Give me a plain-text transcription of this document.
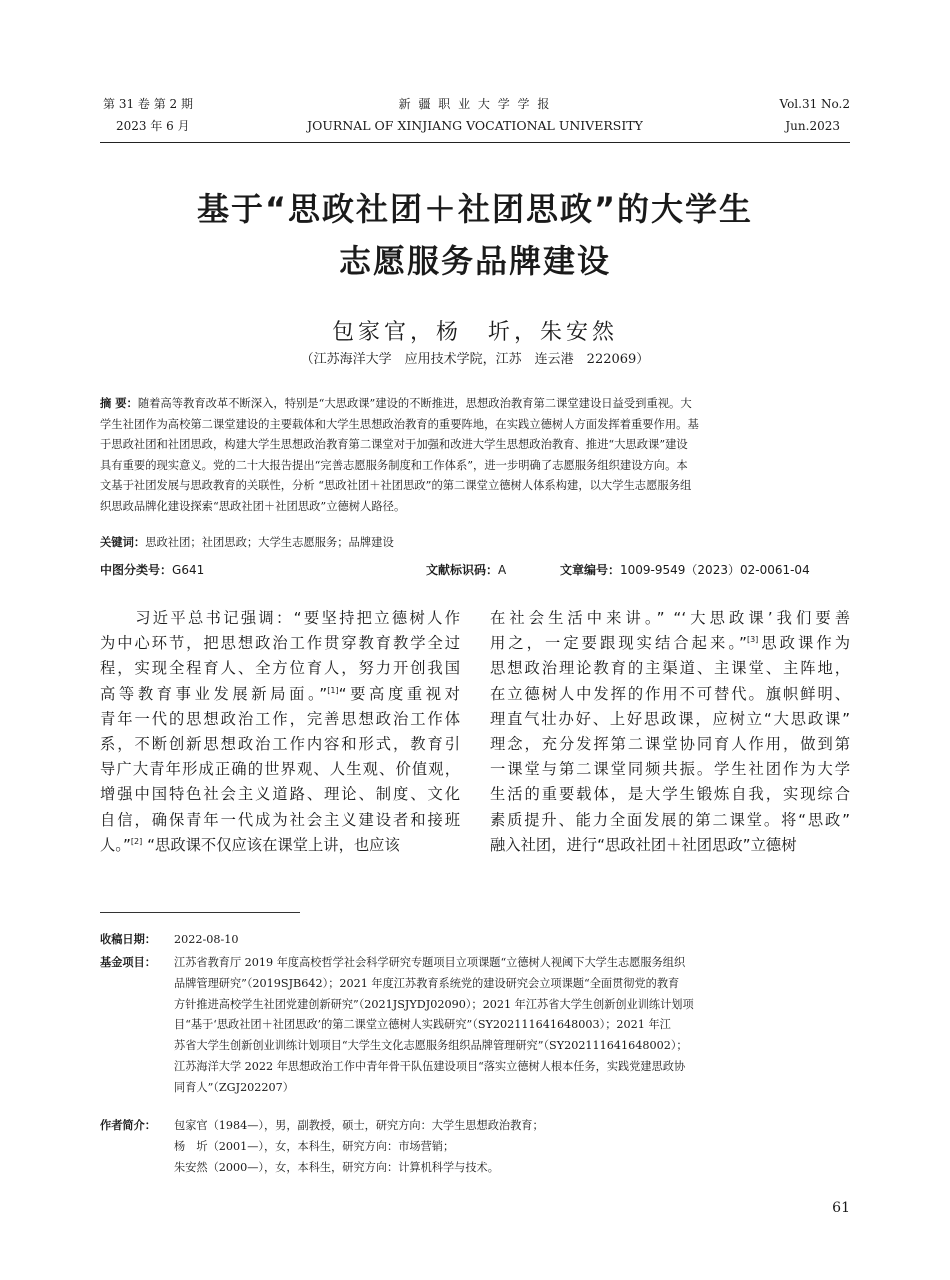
第 31 卷 第 2 期
2023 年 6 月
新 疆 职 业 大 学 学 报
JOURNAL OF XINJIANG VOCATIONAL UNIVERSITY
Vol.31 No.2
Jun.2023
基于“思政社团＋社团思政”的大学生
志愿服务品牌建设
包家官，杨　圻，朱安然
（江苏海洋大学　应用技术学院，江苏　连云港　222069）
摘 要：随着高等教育改革不断深入，特别是“大思政课”建设的不断推进，思想政治教育第二课堂建设日益受到重视。大
学生社团作为高校第二课堂建设的主要载体和大学生思想政治教育的重要阵地，在实践立德树人方面发挥着重要作用。基
于思政社团和社团思政，构建大学生思想政治教育第二课堂对于加强和改进大学生思想政治教育、推进“大思政课”建设
具有重要的现实意义。党的二十大报告提出“完善志愿服务制度和工作体系”，进一步明确了志愿服务组织建设方向。本
文基于社团发展与思政教育的关联性，分析 “思政社团＋社团思政”的第二课堂立德树人体系构建，以大学生志愿服务组
织思政品牌化建设探索“思政社团＋社团思政”立德树人路径。
关键词：思政社团；社团思政；大学生志愿服务；品牌建设
中图分类号：G641	文献标识码：A	文章编号：1009-9549（2023）02-0061-04
　　习近平总书记强调：“要坚持把立德树人作
为中心环节，把思想政治工作贯穿教育教学全过
程，实现全程育人、全方位育人，努力开创我国
高等教育事业发展新局面。”[1]“要高度重视对
青年一代的思想政治工作，完善思想政治工作体
系，不断创新思想政治工作内容和形式，教育引
导广大青年形成正确的世界观、人生观、价值观，
增强中国特色社会主义道路、理论、制度、文化
自信，确保青年一代成为社会主义建设者和接班
人。”[2] “思政课不仅应该在课堂上讲，也应该
在社会生活中来讲。” “‘大思政课’我们要善
用之，一定要跟现实结合起来。”[3]思政课作为
思想政治理论教育的主渠道、主课堂、主阵地，
在立德树人中发挥的作用不可替代。旗帜鲜明、
理直气壮办好、上好思政课，应树立“大思政课”
理念，充分发挥第二课堂协同育人作用，做到第
一课堂与第二课堂同频共振。学生社团作为大学
生活的重要载体，是大学生锻炼自我，实现综合
素质提升、能力全面发展的第二课堂。将“思政”
融入社团，进行“思政社团＋社团思政”立德树
收稿日期： 2022-08-10
基金项目： 江苏省教育厅 2019 年度高校哲学社会科学研究专题项目立项课题“立德树人视阈下大学生志愿服务组织
品牌管理研究”（2019SJB642）；2021 年度江苏教育系统党的建设研究会立项课题“全面贯彻党的教育
方针推进高校学生社团党建创新研究”（2021JSJYDJ02090）；2021 年江苏省大学生创新创业训练计划项
目“基于‘思政社团＋社团思政’的第二课堂立德树人实践研究”（SY202111641648003）；2021 年江
苏省大学生创新创业训练计划项目“大学生文化志愿服务组织品牌管理研究”（SY202111641648002）；
江苏海洋大学 2022 年思想政治工作中青年骨干队伍建设项目“落实立德树人根本任务，实践党建思政协
同育人”（ZGJ202207）
作者简介： 包家官（1984—），男，副教授，硕士，研究方向：大学生思想政治教育；
杨　圻（2001—），女，本科生，研究方向：市场营销；
朱安然（2000—），女，本科生，研究方向：计算机科学与技术。
61
